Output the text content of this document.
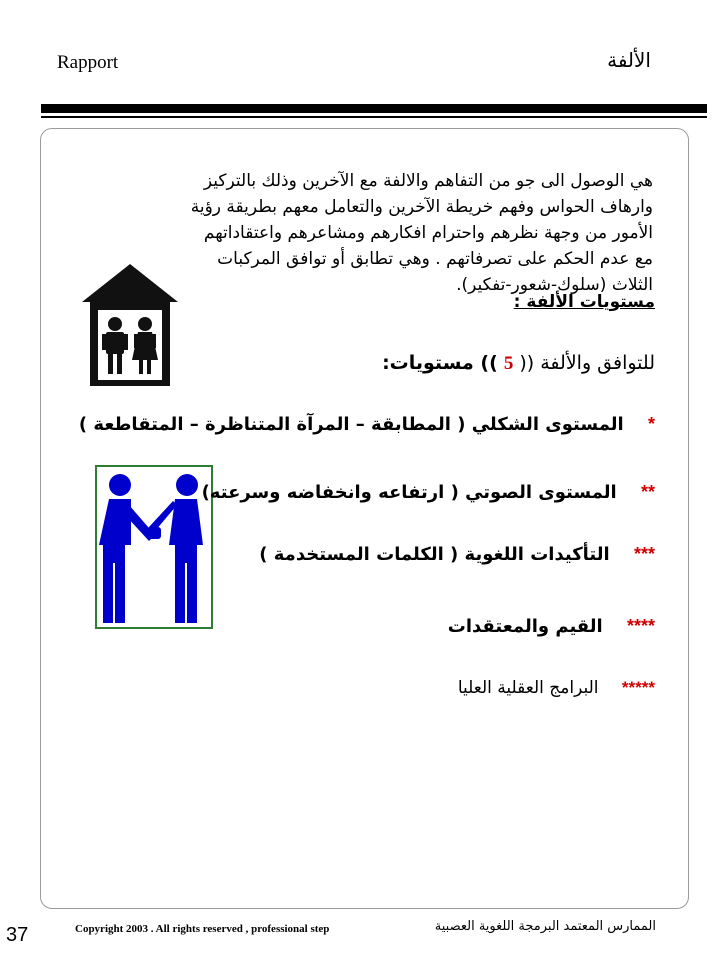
Rapport	الألفة
هي الوصول الى جو من التفاهم والالفة مع الآخرين وذلك بالتركيز
وارهاف الحواس وفهم خريطة الآخرين والتعامل معهم بطريقة رؤية
الأمور من وجهة نظرهم واحترام افكارهم ومشاعرهم واعتقاداتهم
مع عدم الحكم على تصرفاتهم . وهي تطابق أو توافق المركبات
الثلاث (سلوك-شعور-تفكير).
مستويات الألفة :
للتوافق والألفة (( 5 )) مستويات:
* المستوى الشكلي ( المطابقة – المرآة المتناظرة – المتقاطعة )
** المستوى الصوتي ( ارتفاعه وانخفاضه وسرعته)
*** التأكيدات اللغوية ( الكلمات المستخدمة )
**** القيم والمعتقدات
***** البرامج العقلية العليا
37	Copyright 2003 . All rights reserved , professional step	الممارس المعتمد البرمجة اللغوية العصبية
